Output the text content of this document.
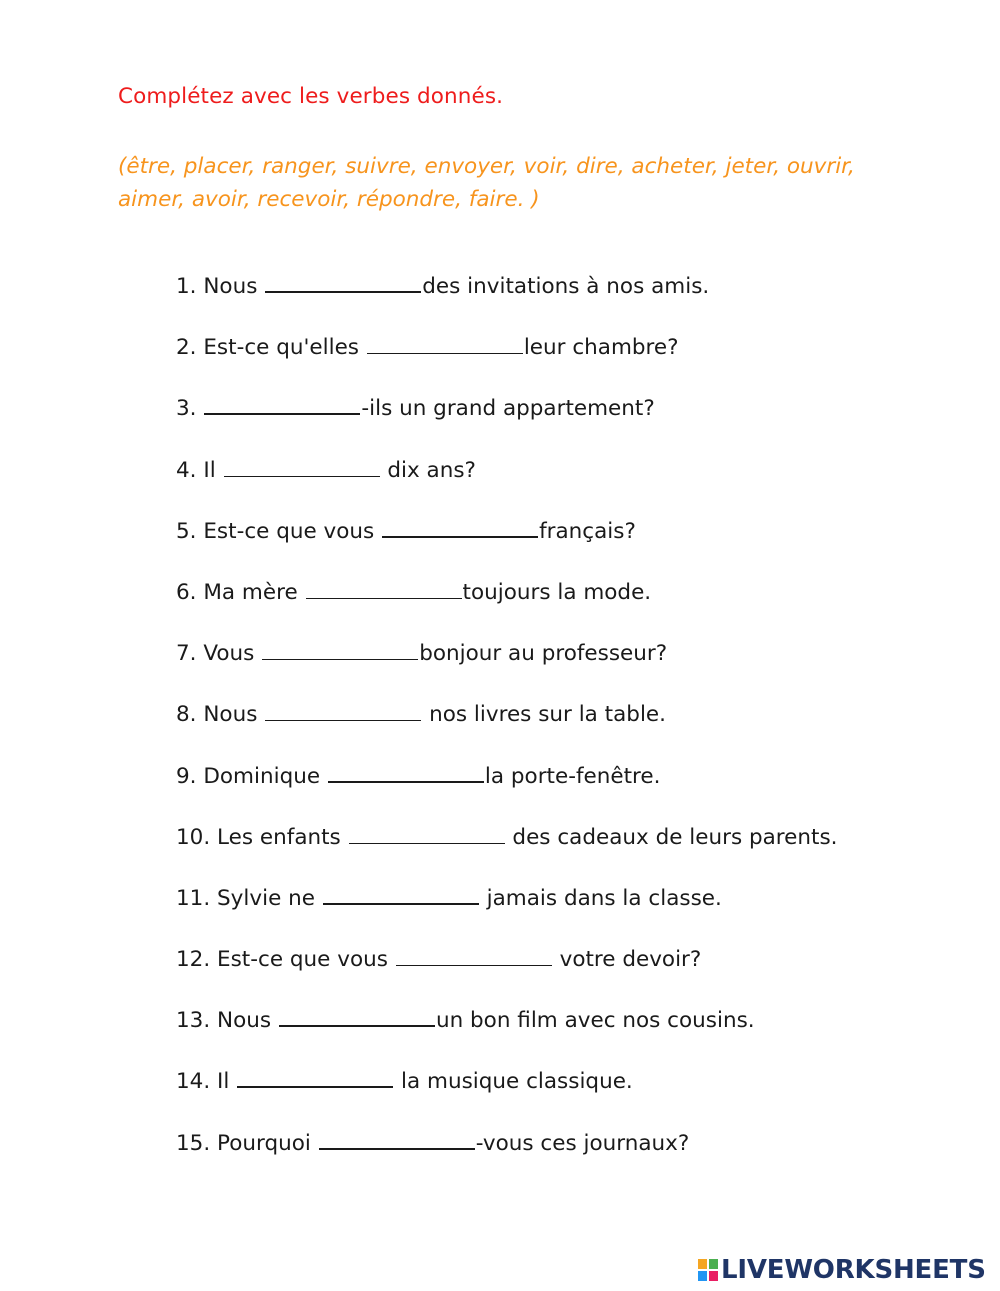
Complétez avec les verbes donnés.
(être, placer, ranger, suivre, envoyer, voir, dire, acheter, jeter, ouvrir, aimer, avoir, recevoir, répondre, faire. )
1. Nous	des invitations à nos amis.
2. Est-ce qu'elles	leur chambre?
3.	-ils un grand appartement?
4. Il	dix ans?
5. Est-ce que vous	français?
6. Ma mère	toujours la mode.
7. Vous	bonjour au professeur?
8. Nous	nos livres sur la table.
9. Dominique	la porte-fenêtre.
10. Les enfants	des cadeaux de leurs parents.
11. Sylvie ne	jamais dans la classe.
12. Est-ce que vous	votre devoir?
13. Nous	un bon film avec nos cousins.
14. Il	la musique classique.
15. Pourquoi	-vous ces journaux?
LIVEWORKSHEETS
